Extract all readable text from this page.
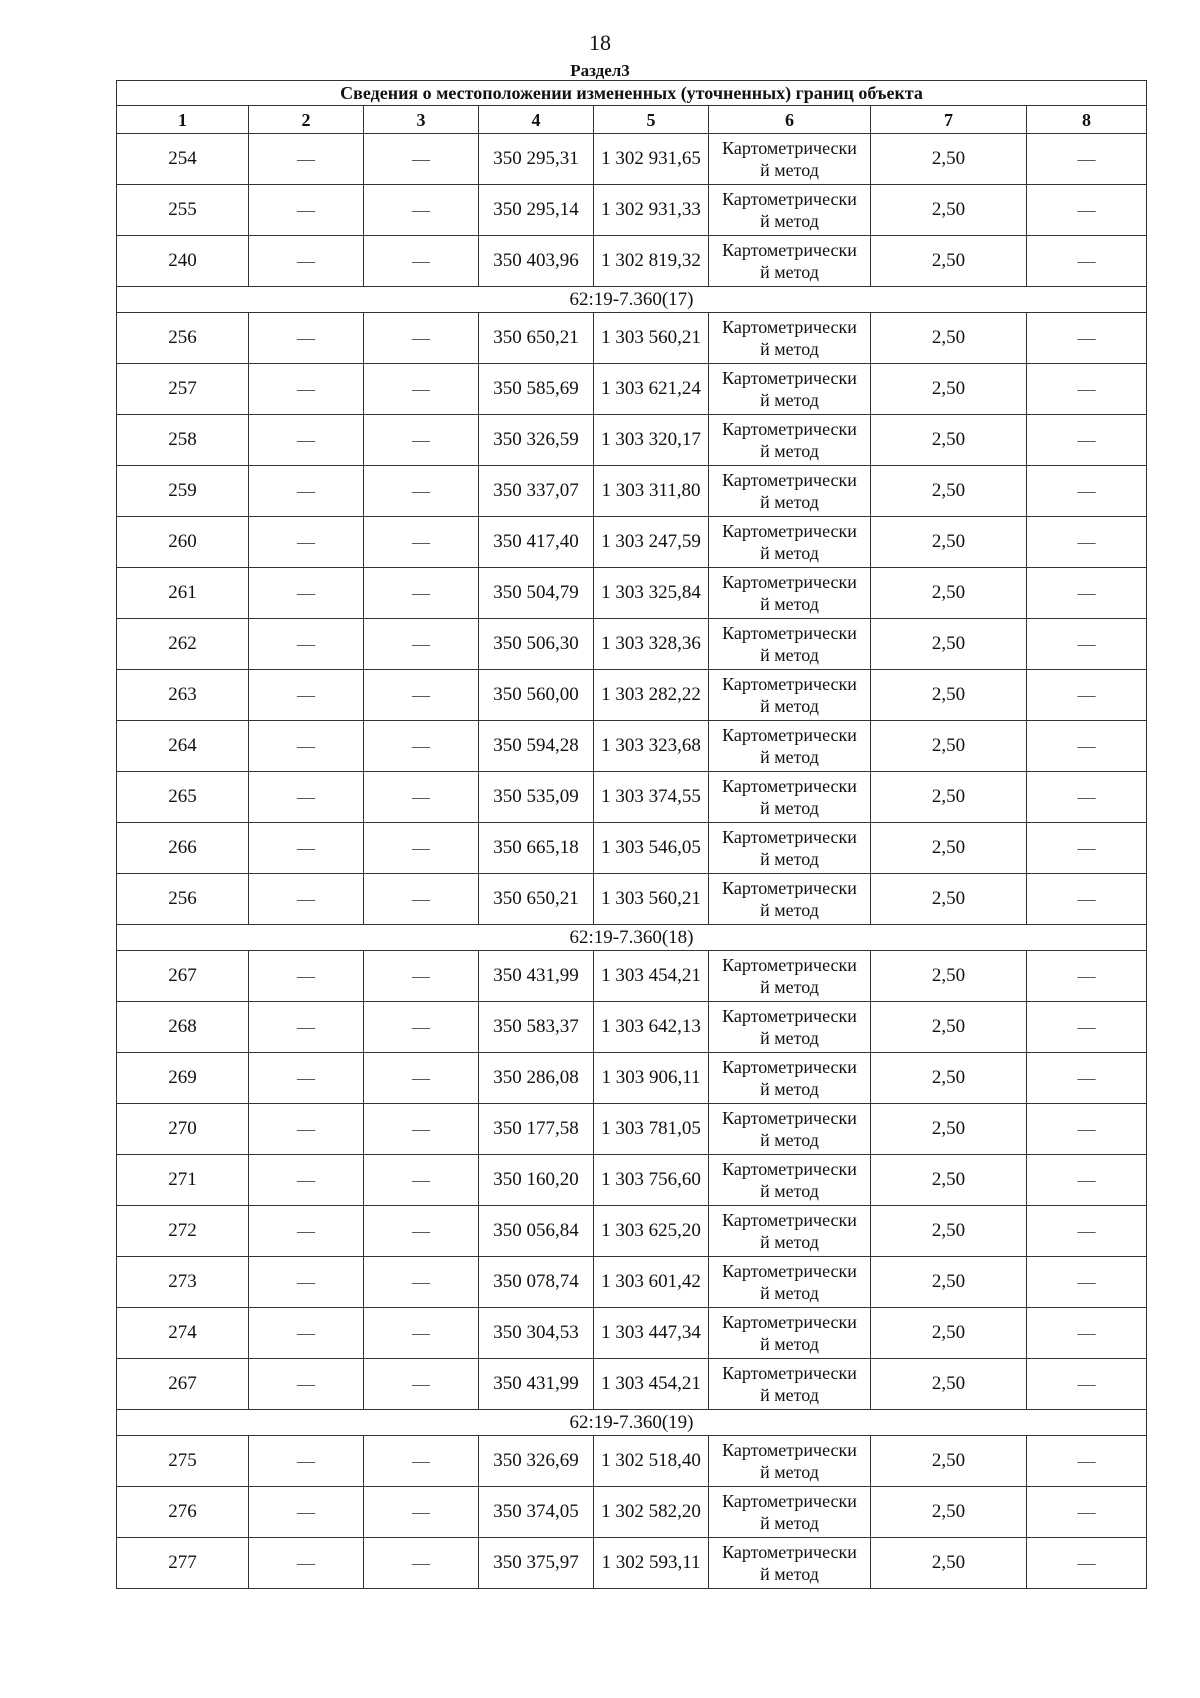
18
Раздел3
Сведения о местоположении измененных (уточненных) границ объекта							
1	2	3	4	5	6	7	8
254	—	—	350 295,31	1 302 931,65	Картометрически
й метод	2,50	—
255	—	—	350 295,14	1 302 931,33	Картометрически
й метод	2,50	—
240	—	—	350 403,96	1 302 819,32	Картометрически
й метод	2,50	—
62:19-7.360(17)							
256	—	—	350 650,21	1 303 560,21	Картометрически
й метод	2,50	—
257	—	—	350 585,69	1 303 621,24	Картометрически
й метод	2,50	—
258	—	—	350 326,59	1 303 320,17	Картометрически
й метод	2,50	—
259	—	—	350 337,07	1 303 311,80	Картометрически
й метод	2,50	—
260	—	—	350 417,40	1 303 247,59	Картометрически
й метод	2,50	—
261	—	—	350 504,79	1 303 325,84	Картометрически
й метод	2,50	—
262	—	—	350 506,30	1 303 328,36	Картометрически
й метод	2,50	—
263	—	—	350 560,00	1 303 282,22	Картометрически
й метод	2,50	—
264	—	—	350 594,28	1 303 323,68	Картометрически
й метод	2,50	—
265	—	—	350 535,09	1 303 374,55	Картометрически
й метод	2,50	—
266	—	—	350 665,18	1 303 546,05	Картометрически
й метод	2,50	—
256	—	—	350 650,21	1 303 560,21	Картометрически
й метод	2,50	—
62:19-7.360(18)							
267	—	—	350 431,99	1 303 454,21	Картометрически
й метод	2,50	—
268	—	—	350 583,37	1 303 642,13	Картометрически
й метод	2,50	—
269	—	—	350 286,08	1 303 906,11	Картометрически
й метод	2,50	—
270	—	—	350 177,58	1 303 781,05	Картометрически
й метод	2,50	—
271	—	—	350 160,20	1 303 756,60	Картометрически
й метод	2,50	—
272	—	—	350 056,84	1 303 625,20	Картометрически
й метод	2,50	—
273	—	—	350 078,74	1 303 601,42	Картометрически
й метод	2,50	—
274	—	—	350 304,53	1 303 447,34	Картометрически
й метод	2,50	—
267	—	—	350 431,99	1 303 454,21	Картометрически
й метод	2,50	—
62:19-7.360(19)							
275	—	—	350 326,69	1 302 518,40	Картометрически
й метод	2,50	—
276	—	—	350 374,05	1 302 582,20	Картометрически
й метод	2,50	—
277	—	—	350 375,97	1 302 593,11	Картометрически
й метод	2,50	—
